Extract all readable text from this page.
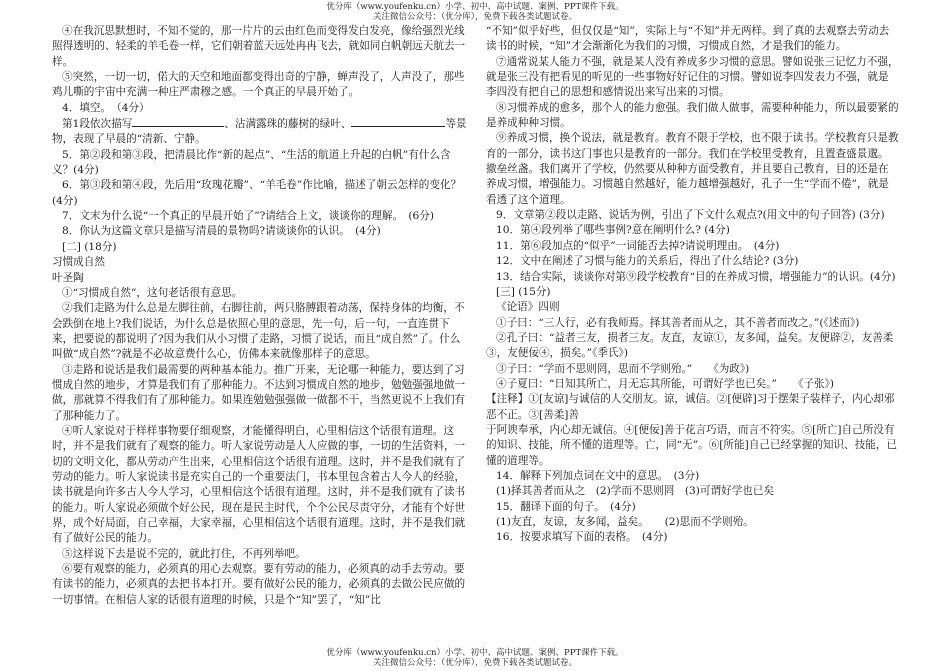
优分库（www.youfenku.cn）小学、初中、高中试题、案例、PPT课件下载。
关注微信公众号：（优分库），免费下载各类试题试卷。

④在我沉思默想时，不知不觉的，那一片片的云由红色而变得发白发亮，像给强烈光线照得透明的、轻柔的羊毛卷一样，它们朝着蓝天远处冉冉飞去，就如同白帆朝远天航去一样。

⑤突然，一切一切，偌大的天空和地面都变得出奇的宁静，蝉声没了，人声没了，那些鸡儿嘶的宇宙中充满一种庄严肃穆之感。一个真正的早晨开始了。

4．填空。　（4分）

第1段依次描写	、沾满露珠的藤树的绿叶、	等景物，表现了早晨的“清新、宁静。

5．第②段和第③段，把清晨比作“新的起点”、“生活的航道上升起的白帆”有什么含义？(4分)

6．第③段和第④段，先后用“玫瑰花瓣”、“羊毛卷”作比喻，描述了朝云怎样的变化？(4分)

7．文末为什么说“一个真正的早晨开始了”?请结合上文，谈谈你的理解。　(6分)

8．你认为这篇文章只是描写清晨的景物吗?请谈谈你的认识。　(4分)

[二] (18分)

习惯成自然

叶圣陶

①“习惯成自然”，这句老话很有意思。

②我们走路为什么总是左脚往前，右脚往前，两只胳膊跟着动荡，保持身体的均衡，不会跌倒在地上?我们说话，为什么总是依照心里的意思，先一句，后一句，一直连贯下来，把要说的都说明了?因为我们从小习惯了走路，习惯了说话，而且“成自然”了。什么叫做“成自然”?就是不必故意费什么心，仿佛本来就像那样子的意思。

③走路和说话是我们最需要的两种基本能力。推广开来，无论哪一种能力，要达到了习惯成自然的地步，才算是我们有了那种能力。不达到习惯成自然的地步，勉勉强强地做一做，那就算不得我们有了那种能力。如果连勉勉强强做一做都不干，当然更说不上我们有了那种能力了。

④听人家说对于样样事物要仔细观察，才能懂得明白，心里相信这个话很有道理。这时，并不是我们就有了观察的能力。听人家说劳动是人人应做的事，一切的生活资料，一切的文明文化，都从劳动产生出来，心里相信这个话很有道理。这时，并不是我们就有了劳动的能力。听人家说读书是充实自己的一个重要法门，书本里包含着古人今人的经验，读书就是向许多古人今人学习，心里相信这个话很有道理。这时，并不是我们就有了读书的能力。听人家说必须做个好公民，现在是民主时代，个个公民尽责守分，才能有个好世界，成个好局面，自己幸福，大家幸福，心里相信这个话很有道理。这时，并不是我们就有了做好公民的能力。

⑤这样说下去是说不完的，就此打住，不再列举吧。

⑥要有观察的能力，必须真的用心去观察。要有劳动的能力，必须真的动手去劳动。要有读书的能力，必须真的去把书本打开。要有做好公民的能力，必须真的去做公民应做的一切事情。在相信人家的话很有道理的时候，只是个“知”罢了，“知”比

“不知”似乎好些，但仅仅是“知”，实际上与“不知”并无两样。到了真的去观察去劳动去读书的时候，“知”才会渐渐化为我们的习惯，习惯成自然，才是我们的能力。

⑦通常说某人能力不强，就是某人没有养成多少习惯的意思。譬如说张三记忆力不强，就是张三没有把看见的听见的一些事物好好记住的习惯。譬如说李四发表力不强，就是李四没有把自己的思想和感情说出来写出来的习惯。

⑧习惯养成的愈多，那个人的能力愈强。我们做人做事，需要种种能力，所以最要紧的是养成种种习惯。

⑨养成习惯，换个说法，就是教育。教育不限于学校，也不限于读书。学校教育只是教育的一部分，读书这门事也只是教育的一部分。我们在学校里受教育，且置查盛景邈。撤垒丝盏。我们离开了学校，仍然要从种种方面受教育，并且要自己教育，目的还是在养成习惯，增强能力。习惯越自然越好，能力越增强越好，孔子一生“学而不倦”，就是看透了这个道理。

9．文章第②段以走路、说话为例，引出了下文什么观点?(用文中的句子回答) (3分)

10．第④段列举了哪些事例?意在阐明什么? (4分)

11．第⑥段加点的“似乎”一词能否去掉?请说明理由。　(4分)

12．文中在阐述了习惯与能力的关系后，得出了什么结论? (3分)

13．结合实际，谈谈你对第⑨段学校教育“目的在养成习惯，增强能力”的认识。(4分)

[三] (15分)

《论语》四则

①子曰：“三人行，必有我师焉。择其善者而从之，其不善者而改之。”(《述而》)

②孔子曰：“益者三友，损者三友。友直，友谅①，友多闻，益矣。友便辟②，友善柔③，友便佞④，损矣。”《季氏》)

③子曰：“学而不思则罔，思而不学则殆。”　　《为政》)

④子夏曰：“日知其所亡，月无忘其所能，可谓好学也已矣。”　　《子张》)

【注释】①[友谅]与诚信的人交朋友。谅，诚信。②[便辟]习于摆架子装样子，内心却邪恶不正。③[善柔]善

于阿谀奉承，内心却无诚信。④[便佞]善于花言巧语，而言不符实。⑤[所亡]自己所没有的知识、技能，所不懂的道理等。亡，同“无”。⑥[所能]自己已经掌握的知识、技能，已懂的道理等。

14．解释下列加点词在文中的意思。　(3分)

(1)择其善者而从之　(2)学而不思则罔　(3)可谓好学也已矣

15．翻译下面的句子。　(4分)

(1)友直，友谅，友多闻，益矣。　　(2)思而不学则殆。

16．按要求填写下面的表格。　(4分)

优分库（www.youfenku.cn）小学、初中、高中试题、案例、PPT课件下载。
关注微信公众号：（优分库），免费下载各类试题试卷。
